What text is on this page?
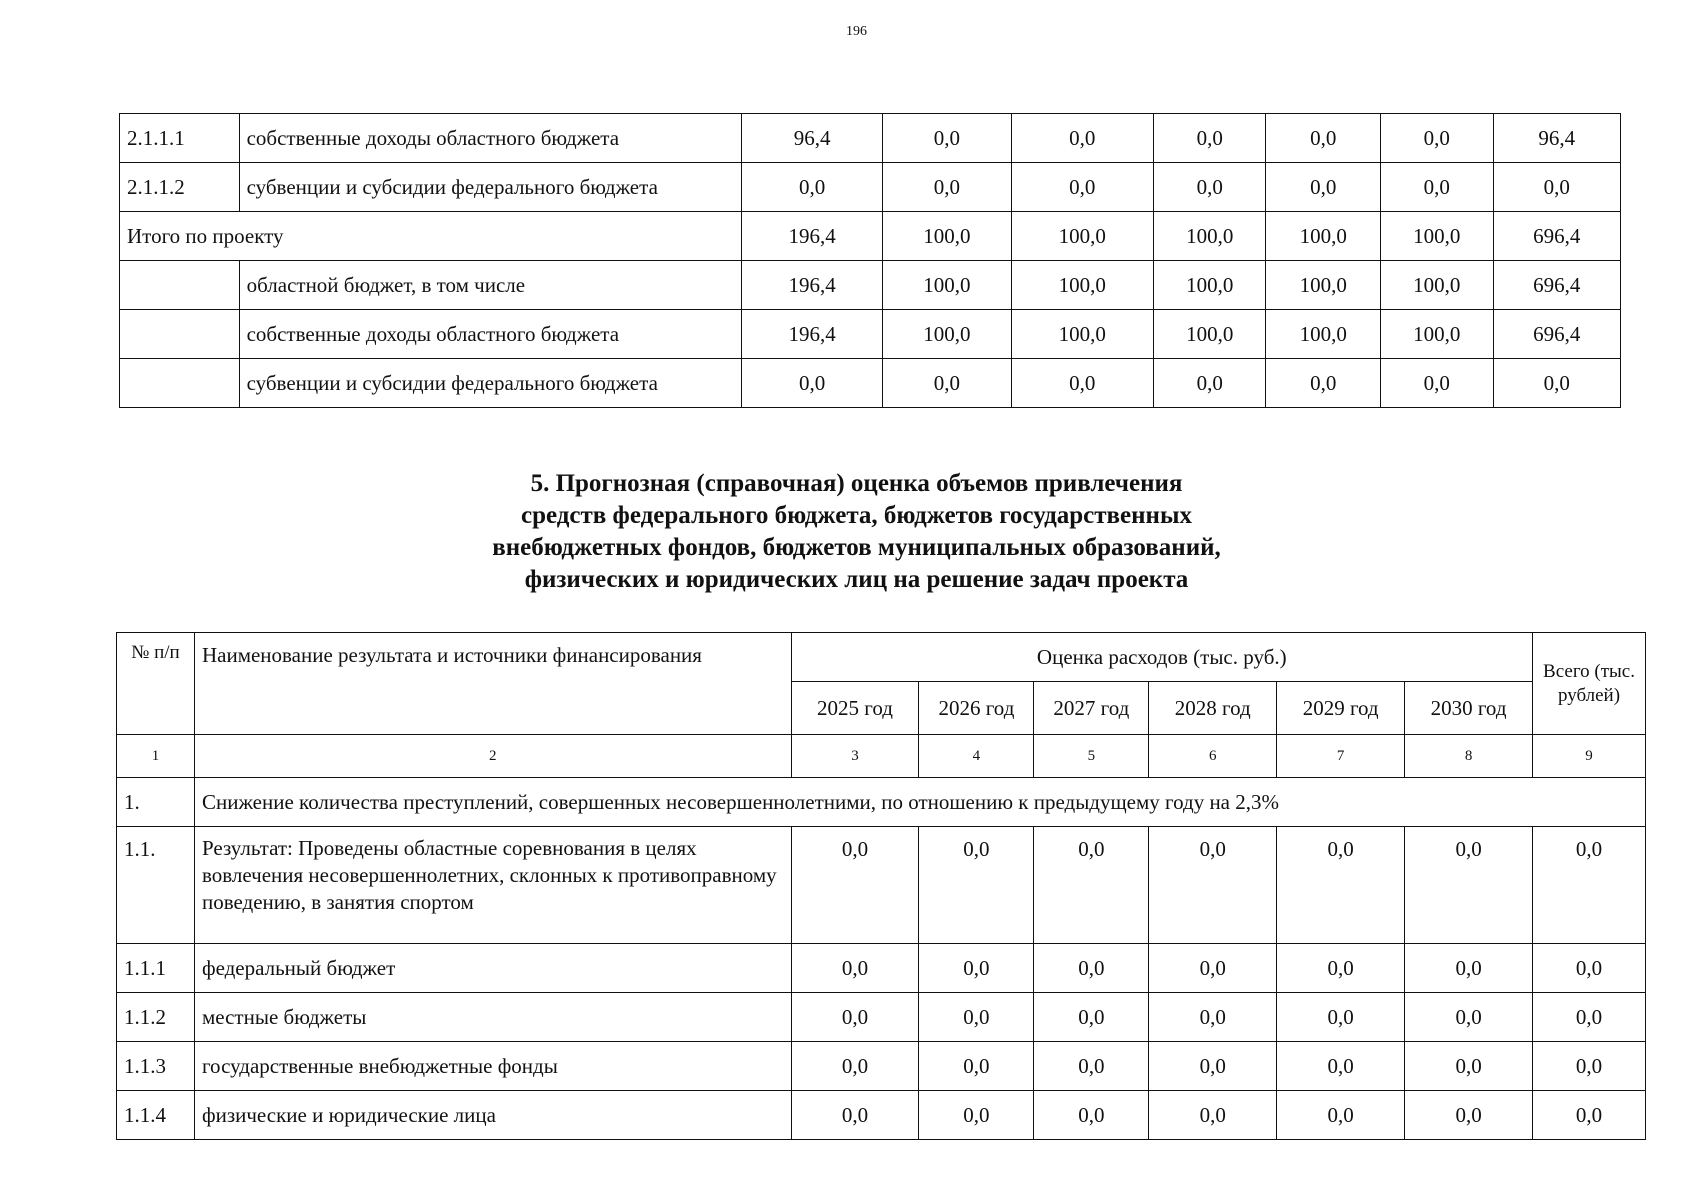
196
2.1.1.1	собственные доходы областного бюджета	96,4	0,0	0,0	0,0	0,0	0,0	96,4
2.1.1.2	субвенции и субсидии федерального бюджета	0,0	0,0	0,0	0,0	0,0	0,0	0,0
Итого по проекту		196,4	100,0	100,0	100,0	100,0	100,0	696,4
	областной бюджет, в том числе	196,4	100,0	100,0	100,0	100,0	100,0	696,4
	собственные доходы областного бюджета	196,4	100,0	100,0	100,0	100,0	100,0	696,4
	субвенции и субсидии федерального бюджета	0,0	0,0	0,0	0,0	0,0	0,0	0,0
5. Прогнозная (справочная) оценка объемов привлечения
средств федерального бюджета, бюджетов государственных
внебюджетных фондов, бюджетов муниципальных образований,
физических и юридических лиц на решение задач проекта
№ п/п	Наименование результата и источники финансирования	Оценка расходов (тыс. руб.)						Всего (тыс. рублей)
		2025 год	2026 год	2027 год	2028 год	2029 год	2030 год	
1	2	3	4	5	6	7	8	9
1.	Снижение количества преступлений, совершенных несовершеннолетними, по отношению к предыдущему году на 2,3%							
1.1.	Результат: Проведены областные соревнования в целях вовлечения несовершеннолетних, склонных к противоправному поведению, в занятия спортом	0,0	0,0	0,0	0,0	0,0	0,0	0,0
1.1.1	федеральный бюджет	0,0	0,0	0,0	0,0	0,0	0,0	0,0
1.1.2	местные бюджеты	0,0	0,0	0,0	0,0	0,0	0,0	0,0
1.1.3	государственные внебюджетные фонды	0,0	0,0	0,0	0,0	0,0	0,0	0,0
1.1.4	физические и юридические лица	0,0	0,0	0,0	0,0	0,0	0,0	0,0
